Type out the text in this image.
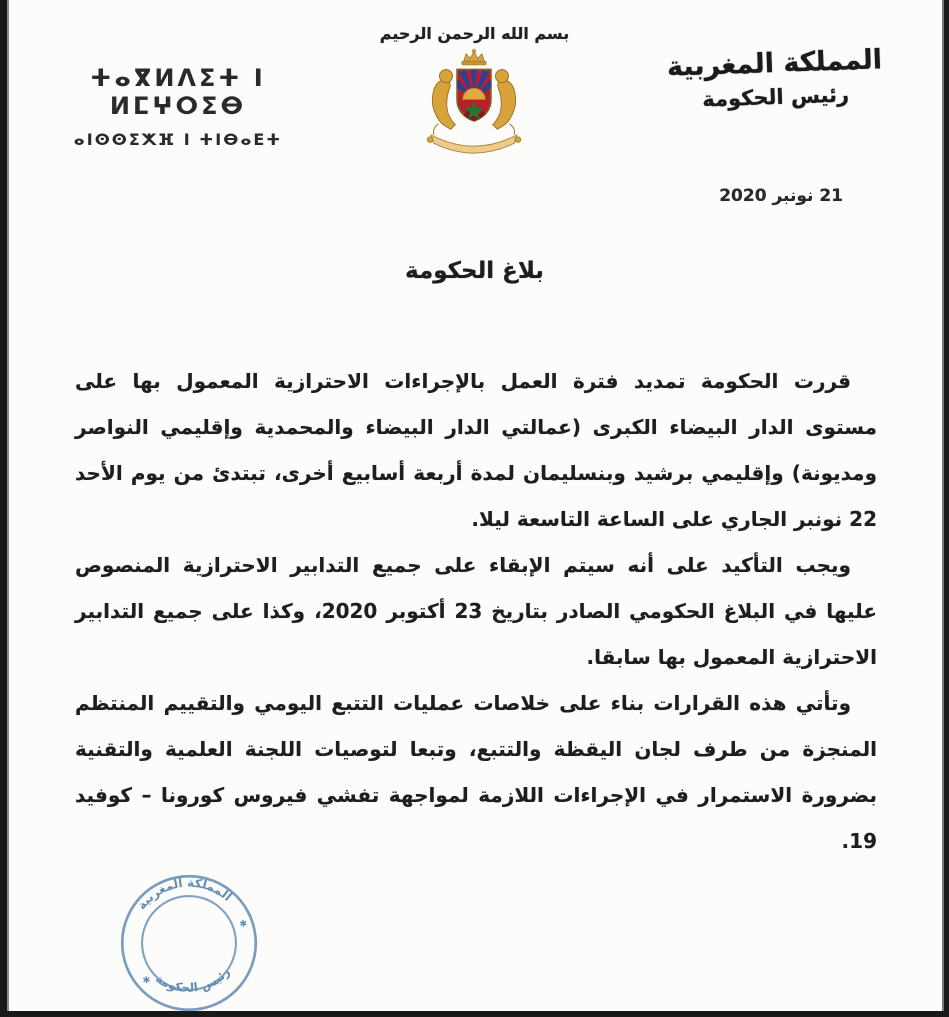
بسم الله الرحمن الرحيم
ⵜⴰⴳⵍⴷⵉⵜ ⵏ ⵍⵎⵖⵔⵉⴱ
ⴰⵏⵙⵙⵉⵅⴼ ⵏ ⵜⵏⴱⴰⴹⵜ
المملكة المغربية
رئيس الحكومة
21 نونبر 2020
بلاغ الحكومة

قررت الحكومة تمديد فترة العمل بالإجراءات الاحترازية المعمول بها على مستوى الدار البيضاء الكبرى (عمالتي الدار البيضاء والمحمدية وإقليمي النواصر ومديونة) وإقليمي برشيد وبنسليمان لمدة أربعة أسابيع أخرى، تبتدئ من يوم الأحد 22 نونبر الجاري على الساعة التاسعة ليلا.

ويجب التأكيد على أنه سيتم الإبقاء على جميع التدابير الاحترازية المنصوص عليها في البلاغ الحكومي الصادر بتاريخ 23 أكتوبر 2020، وكذا على جميع التدابير الاحترازية المعمول بها سابقا.

وتأتي هذه القرارات بناء على خلاصات عمليات التتبع اليومي والتقييم المنتظم المنجزة من طرف لجان اليقظة والتتبع، وتبعا لتوصيات اللجنة العلمية والتقنية بضرورة الاستمرار في الإجراءات اللازمة لمواجهة تفشي فيروس كورونا – كوفيد 19.

المملكة المغربية
رئيس الحكومة
✱
✱
